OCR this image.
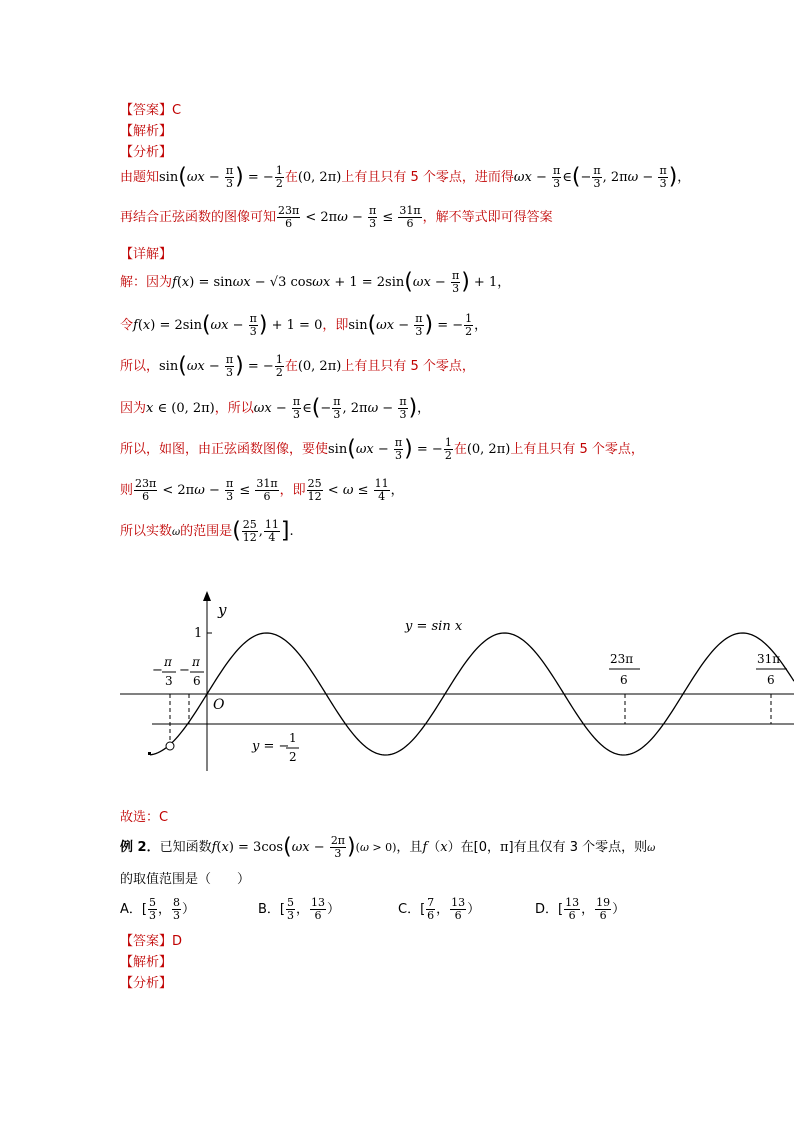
【答案】C
【解析】
【分析】
由题知$\sin(\omega x - \frac{\pi}{3}$ ) = − $\frac{1}{2}$ 在(0, 2π)上有且只有 5 个零点，进而得$\omega x - \frac{\pi}{3}$ ∈(− $\frac{\pi}{3}$ , $2\pi\omega - \frac{\pi}{3}$ )，
再结合正弦函数的图像可知 $\frac{23\pi}{6} < 2\pi\omega - \frac{\pi}{3} \le \frac{31\pi}{6}$ ，解不等式即可得答案
【详解】
解：因为f(x) = sinωx − √3 $\cos\omega x + 1 = 2\sin(\omega x - \frac{\pi}{3}$ ) + 1，
令$f(x) = 2\sin(\omega x - \frac{\pi}{3}$ ) + 1 = 0，即$\sin(\omega x - \frac{\pi}{3}$ ) = − $\frac{1}{2}$ ，
所以，$\sin(\omega x - \frac{\pi}{3}$ ) = − $\frac{1}{2}$ 在(0, 2π)上有且只有 5 个零点，
因为x ∈ (0, 2π)，所以$\omega x - \frac{\pi}{3}$ ∈(− $\frac{\pi}{3}$ , $2\pi\omega - \frac{\pi}{3}$ )，
所以，如图，由正弦函数图像，要使$\sin(\omega x - \frac{\pi}{3}$ ) = − $\frac{1}{2}$ 在(0, 2π)上有且只有 5 个零点，
则 $\frac{23\pi}{6} < 2\pi\omega - \frac{\pi}{3} \le \frac{31\pi}{6}$ ，即 $\frac{25}{12} < \omega \le \frac{11}{4}$ ，
所以实数ω的范围是( $\frac{25}{12}$ , $\frac{11}{4}$ ].
y
1
O
y = sin x
−
π
3
−
π
6
23π
6
31π
6
y = −
1
2
故选：C
例 2．已知函数$f(x) = 3\cos(\omega x - \frac{2\pi}{3} )(\omega > 0)$，且f（x）在[0，π]有且仅有 3 个零点，则ω
的取值范围是（　　）
A．[ $\frac{5}{3}$ ， $\frac{8}{3}$ ）	B．[ $\frac{5}{3}$ ， $\frac{13}{6}$ ）	C．[ $\frac{7}{6}$ ， $\frac{13}{6}$ ）	D．[ $\frac{13}{6}$ ， $\frac{19}{6}$ ）
【答案】D
【解析】
【分析】
